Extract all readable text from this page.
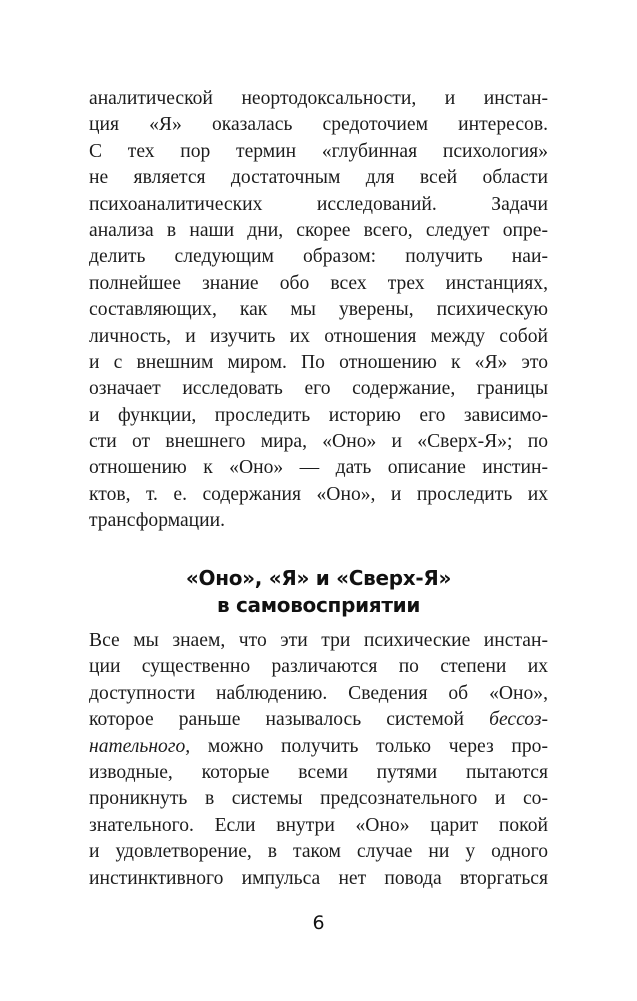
аналитической неортодоксальности, и инстан-
ция «Я» оказалась средоточием интересов.
С тех пор термин «глубинная психология»
не является достаточным для всей области
психоаналитических исследований. Задачи
анализа в наши дни, скорее всего, следует опре-
делить следующим образом: получить наи-
полнейшее знание обо всех трех инстанциях,
составляющих, как мы уверены, психическую
личность, и изучить их отношения между собой
и с внешним миром. По отношению к «Я» это
означает исследовать его содержание, границы
и функции, проследить историю его зависимо-
сти от внешнего мира, «Оно» и «Сверх-Я»; по
отношению к «Оно» — дать описание инстин-
ктов, т. е. содержания «Оно», и проследить их
трансформации.
«Оно», «Я» и «Сверх-Я»
в самовосприятии
Все мы знаем, что эти три психические инстан-
ции существенно различаются по степени их
доступности наблюдению. Сведения об «Оно»,
которое раньше называлось системой бессоз-
нательного, можно получить только через про-
изводные, которые всеми путями пытаются
проникнуть в системы предсознательного и со-
знательного. Если внутри «Оно» царит покой
и удовлетворение, в таком случае ни у одного
инстинктивного импульса нет повода вторгаться
6
